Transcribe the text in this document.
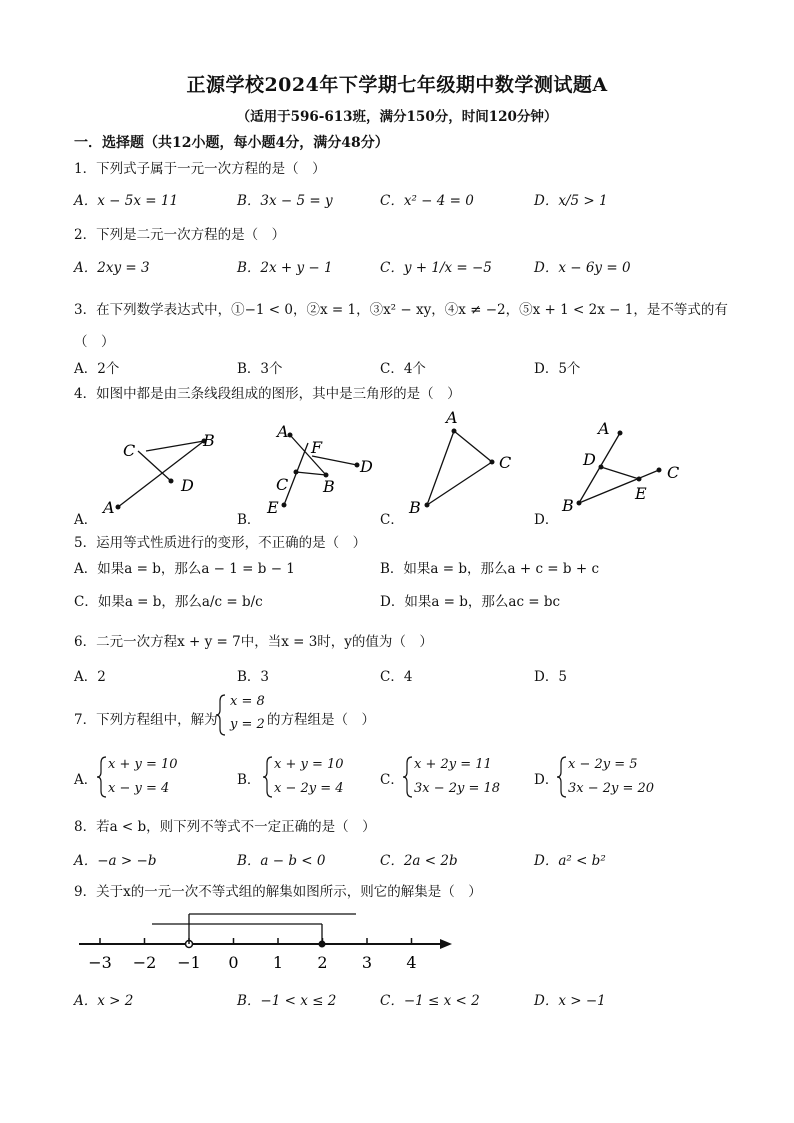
正源学校2024年下学期七年级期中数学测试题A
（适用于596-613班，满分150分，时间120分钟）
一．选择题（共12小题，每小题4分，满分48分）
1．下列式子属于一元一次方程的是（　）
A．x − 5x = 11	B．3x − 5 = y	C．x² − 4 = 0	D．x/5 > 1
2．下列是二元一次方程的是（　）
A．2xy = 3	B．2x + y − 1	C．y + 1/x = −5	D．x − 6y = 0
3．在下列数学表达式中，①−1 < 0，②x = 1，③x² − xy，④x ≠ −2，⑤x + 1 < 2x − 1，是不等式的有
（　）
A．2个	B．3个	C．4个	D．5个
4．如图中都是由三条线段组成的图形，其中是三角形的是（　）
A．	B．	C．	D．
C
B
D
A
A
F
D
C B
E
A
C
B
A
D
C
E
B
5．运用等式性质进行的变形，不正确的是（　）
A．如果a = b，那么a − 1 = b − 1	B．如果a = b，那么a + c = b + c
C．如果a = b，那么a/c = b/c	D．如果a = b，那么ac = bc
6．二元一次方程x + y = 7中，当x = 3时，y的值为（　）
A．2	B．3	C．4	D．5
7．下列方程组中，解为
x = 8
y = 2 的方程组是（　）
A．
x + y = 10
x − y = 4
B．
x + y = 10
x − 2y = 4
C．
x + 2y = 11
3x − 2y = 18
D．
x − 2y = 5
3x − 2y = 20
8．若a < b，则下列不等式不一定正确的是（　）
A．−a > −b	B．a − b < 0	C．2a < 2b	D．a² < b²
9．关于x的一元一次不等式组的解集如图所示，则它的解集是（　）
−3 −2 −1 0 1 2 3 4
A．x > 2	B．−1 < x ≤ 2	C．−1 ≤ x < 2	D．x > −1
